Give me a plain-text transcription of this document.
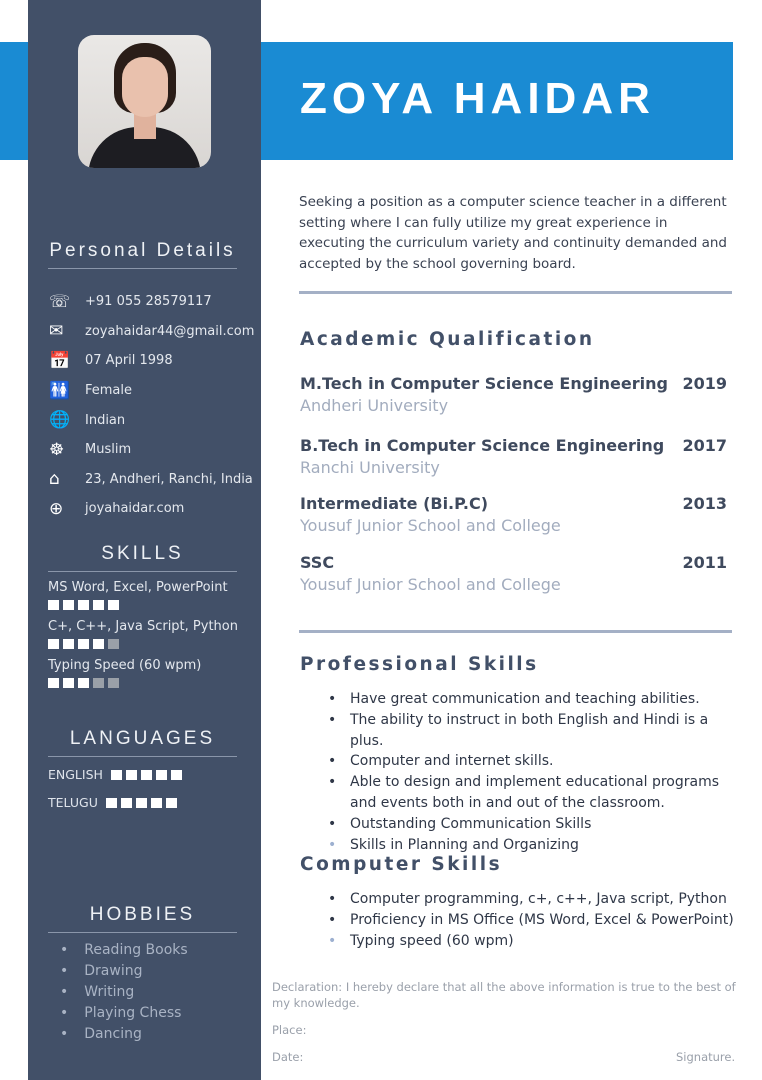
ZOYA HAIDAR
Personal Details
☏	+91 055 28579117
✉	zoyahaidar44@gmail.com
📅	07 April 1998
🚻	Female
🌐	Indian
☸	Muslim
⌂	23, Andheri, Ranchi, India
⊕	joyahaidar.com
SKILLS
MS Word, Excel, PowerPoint
C+, C++, Java Script, Python
Typing Speed (60 wpm)
LANGUAGES
ENGLISH
TELUGU
HOBBIES
• Reading Books
• Drawing
• Writing
• Playing Chess
• Dancing
Seeking a position as a computer science teacher in a different setting where I can fully utilize my great experience in executing the curriculum variety and continuity demanded and accepted by the school governing board.
Academic Qualification
M.Tech in Computer Science Engineering 2019
Andheri University
B.Tech in Computer Science Engineering 2017
Ranchi University
Intermediate (Bi.P.C)	2013
Yousuf Junior School and College
SSC	2011
Yousuf Junior School and College
Professional Skills
• Have great communication and teaching abilities.
• The ability to instruct in both English and Hindi is a plus.
• Computer and internet skills.
• Able to design and implement educational programs and events both in and out of the classroom.
• Outstanding Communication Skills
• Skills in Planning and Organizing
Computer Skills
• Computer programming, c+, c++, Java script, Python
• Proficiency in MS Office (MS Word, Excel & PowerPoint)
• Typing speed (60 wpm)
Declaration: I hereby declare that all the above information is true to the best of my knowledge.
Place:
Date:	Signature.
